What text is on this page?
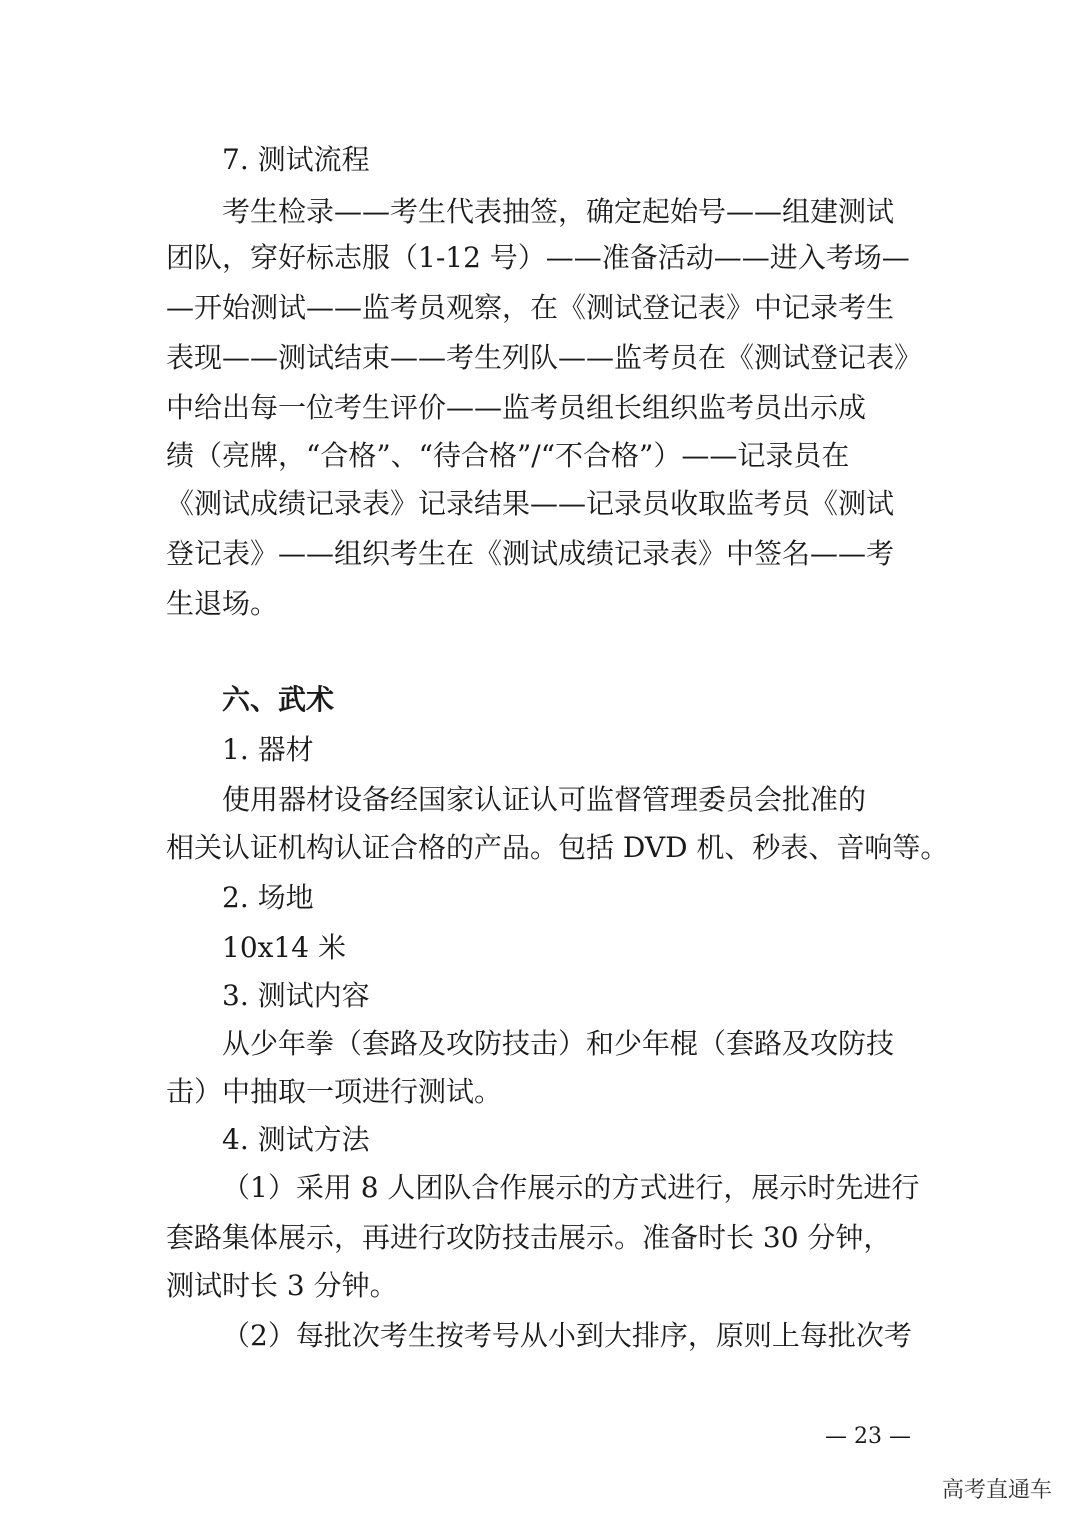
7. 测试流程
考生检录——考生代表抽签，确定起始号——组建测试
团队，穿好标志服（1-12 号）——准备活动——进入考场—
—开始测试——监考员观察，在《测试登记表》中记录考生
表现——测试结束——考生列队——监考员在《测试登记表》
中给出每一位考生评价——监考员组长组织监考员出示成
绩（亮牌，“合格”、“待合格”/“不合格”）——记录员在
《测试成绩记录表》记录结果——记录员收取监考员《测试
登记表》——组织考生在《测试成绩记录表》中签名——考
生退场。
六、武术
1. 器材
使用器材设备经国家认证认可监督管理委员会批准的
相关认证机构认证合格的产品。包括 DVD 机、秒表、音响等。
2. 场地
10x14 米
3. 测试内容
从少年拳（套路及攻防技击）和少年棍（套路及攻防技
击）中抽取一项进行测试。
4. 测试方法
（1）采用 8 人团队合作展示的方式进行，展示时先进行
套路集体展示，再进行攻防技击展示。准备时长 30 分钟，
测试时长 3 分钟。
（2）每批次考生按考号从小到大排序，原则上每批次考
— 23 —
高考直通车
